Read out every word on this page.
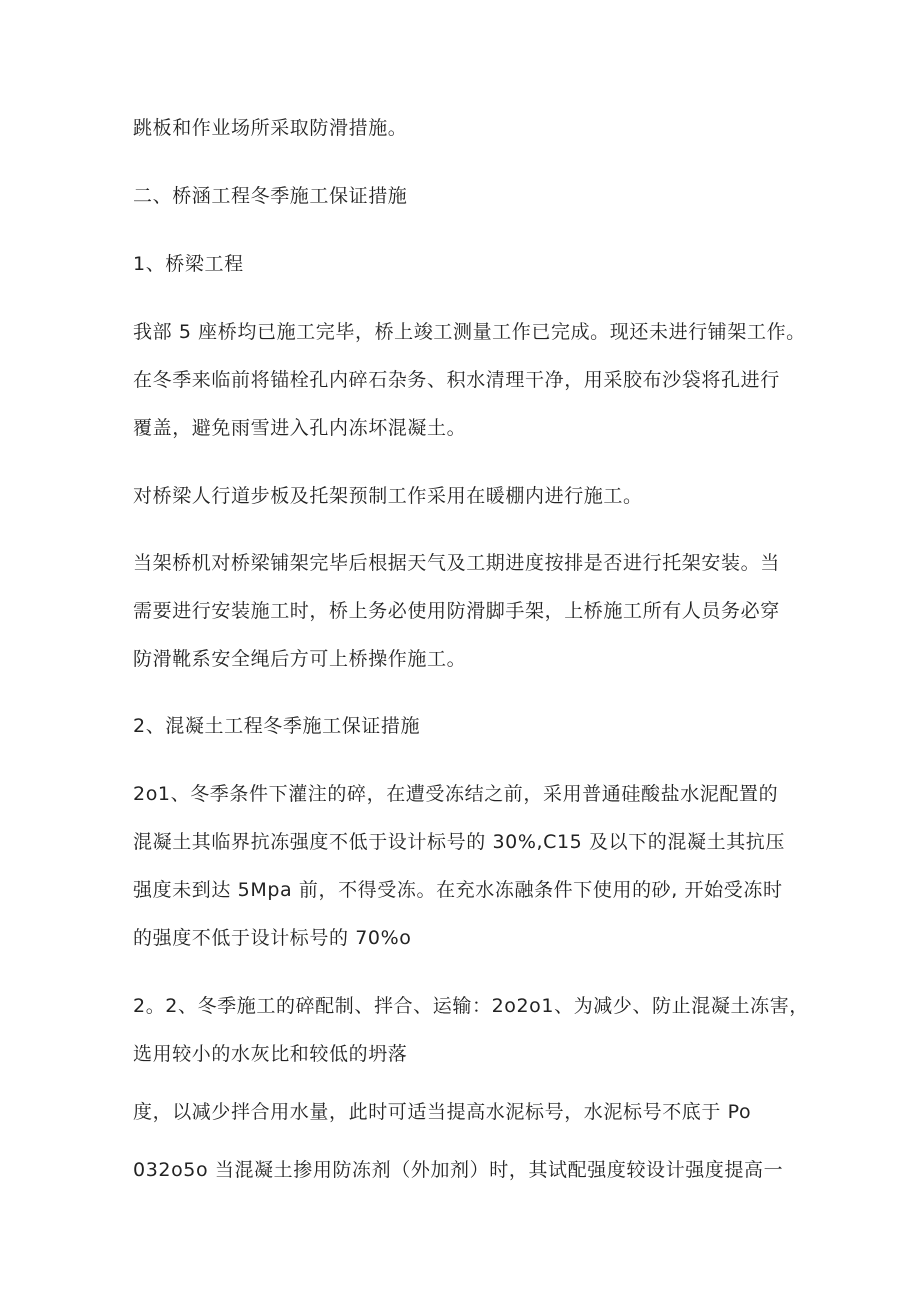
跳板和作业场所采取防滑措施。
二、桥涵工程冬季施工保证措施
1、桥梁工程
我部 5 座桥均已施工完毕，桥上竣工测量工作已完成。现还未进行铺架工作。
在冬季来临前将锚栓孔内碎石杂务、积水清理干净，用采胶布沙袋将孔进行
覆盖，避免雨雪进入孔内冻坏混凝土。
对桥梁人行道步板及托架预制工作采用在暖棚内进行施工。
当架桥机对桥梁铺架完毕后根据天气及工期进度按排是否进行托架安装。当
需要进行安装施工时，桥上务必使用防滑脚手架，上桥施工所有人员务必穿
防滑靴系安全绳后方可上桥操作施工。
2、混凝土工程冬季施工保证措施
2o1、冬季条件下灌注的碎，在遭受冻结之前，采用普通硅酸盐水泥配置的
混凝土其临界抗冻强度不低于设计标号的 30%,C15 及以下的混凝土其抗压
强度未到达 5Mpa 前，不得受冻。在充水冻融条件下使用的砂, 开始受冻时
的强度不低于设计标号的 70%o
2。2、冬季施工的碎配制、拌合、运输：2o2o1、为减少、防止混凝土冻害，
选用较小的水灰比和较低的坍落
度，以减少拌合用水量，此时可适当提高水泥标号，水泥标号不底于 Po
032o5o 当混凝土掺用防冻剂（外加剂）时，其试配强度较设计强度提高一
